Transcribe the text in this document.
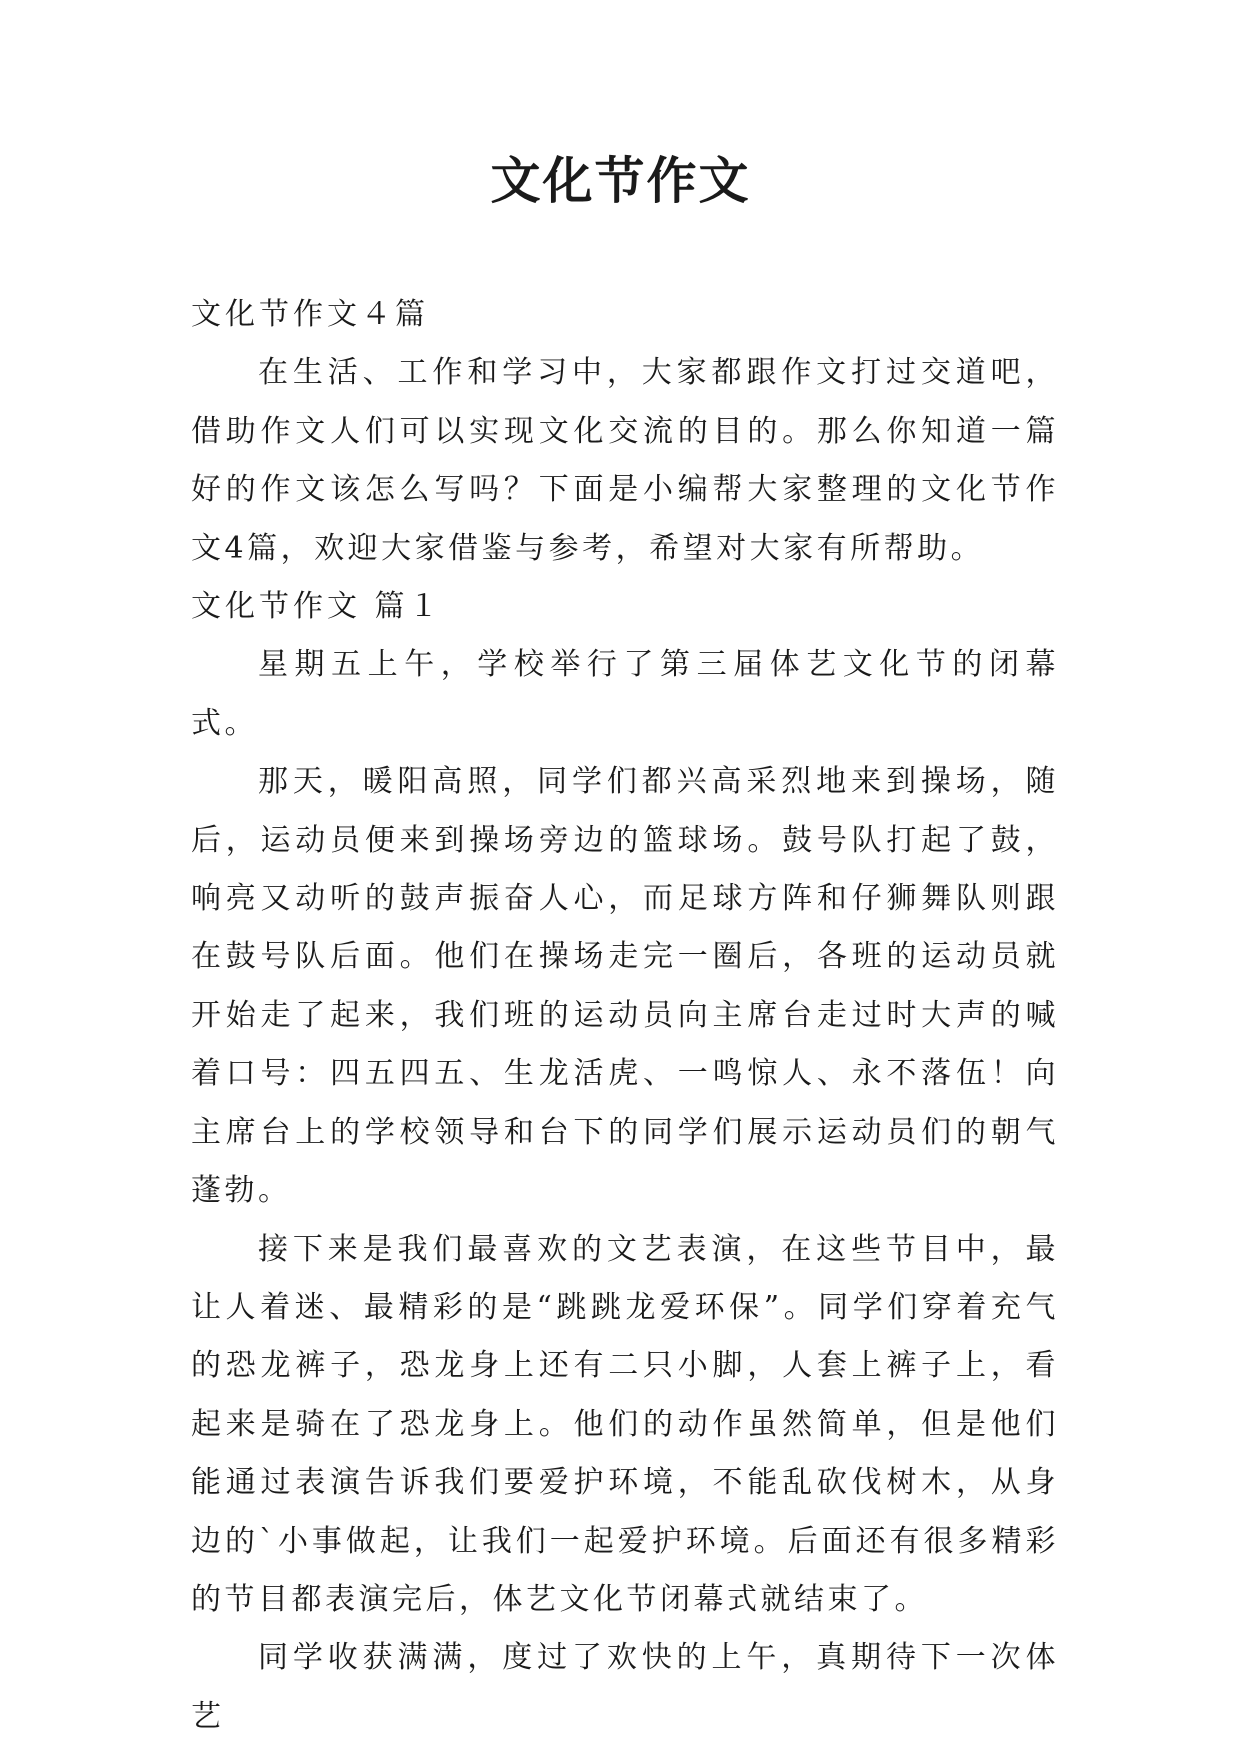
文化节作文

文化节作文４篇

在生活、工作和学习中，大家都跟作文打过交道吧，借助作文人们可以实现文化交流的目的。那么你知道一篇好的作文该怎么写吗？下面是小编帮大家整理的文化节作文4篇，欢迎大家借鉴与参考，希望对大家有所帮助。

文化节作文 篇１

星期五上午，学校举行了第三届体艺文化节的闭幕式。

那天，暖阳高照，同学们都兴高采烈地来到操场，随后，运动员便来到操场旁边的篮球场。鼓号队打起了鼓，响亮又动听的鼓声振奋人心，而足球方阵和仔狮舞队则跟在鼓号队后面。他们在操场走完一圈后，各班的运动员就开始走了起来，我们班的运动员向主席台走过时大声的喊着口号：四五四五、生龙活虎、一鸣惊人、永不落伍！向主席台上的学校领导和台下的同学们展示运动员们的朝气蓬勃。

接下来是我们最喜欢的文艺表演，在这些节目中，最让人着迷、最精彩的是“跳跳龙爱环保”。同学们穿着充气的恐龙裤子，恐龙身上还有二只小脚，人套上裤子上，看起来是骑在了恐龙身上。他们的动作虽然简单，但是他们能通过表演告诉我们要爱护环境，不能乱砍伐树木，从身边的`小事做起，让我们一起爱护环境。后面还有很多精彩的节目都表演完后，体艺文化节闭幕式就结束了。

同学收获满满，度过了欢快的上午，真期待下一次体艺
